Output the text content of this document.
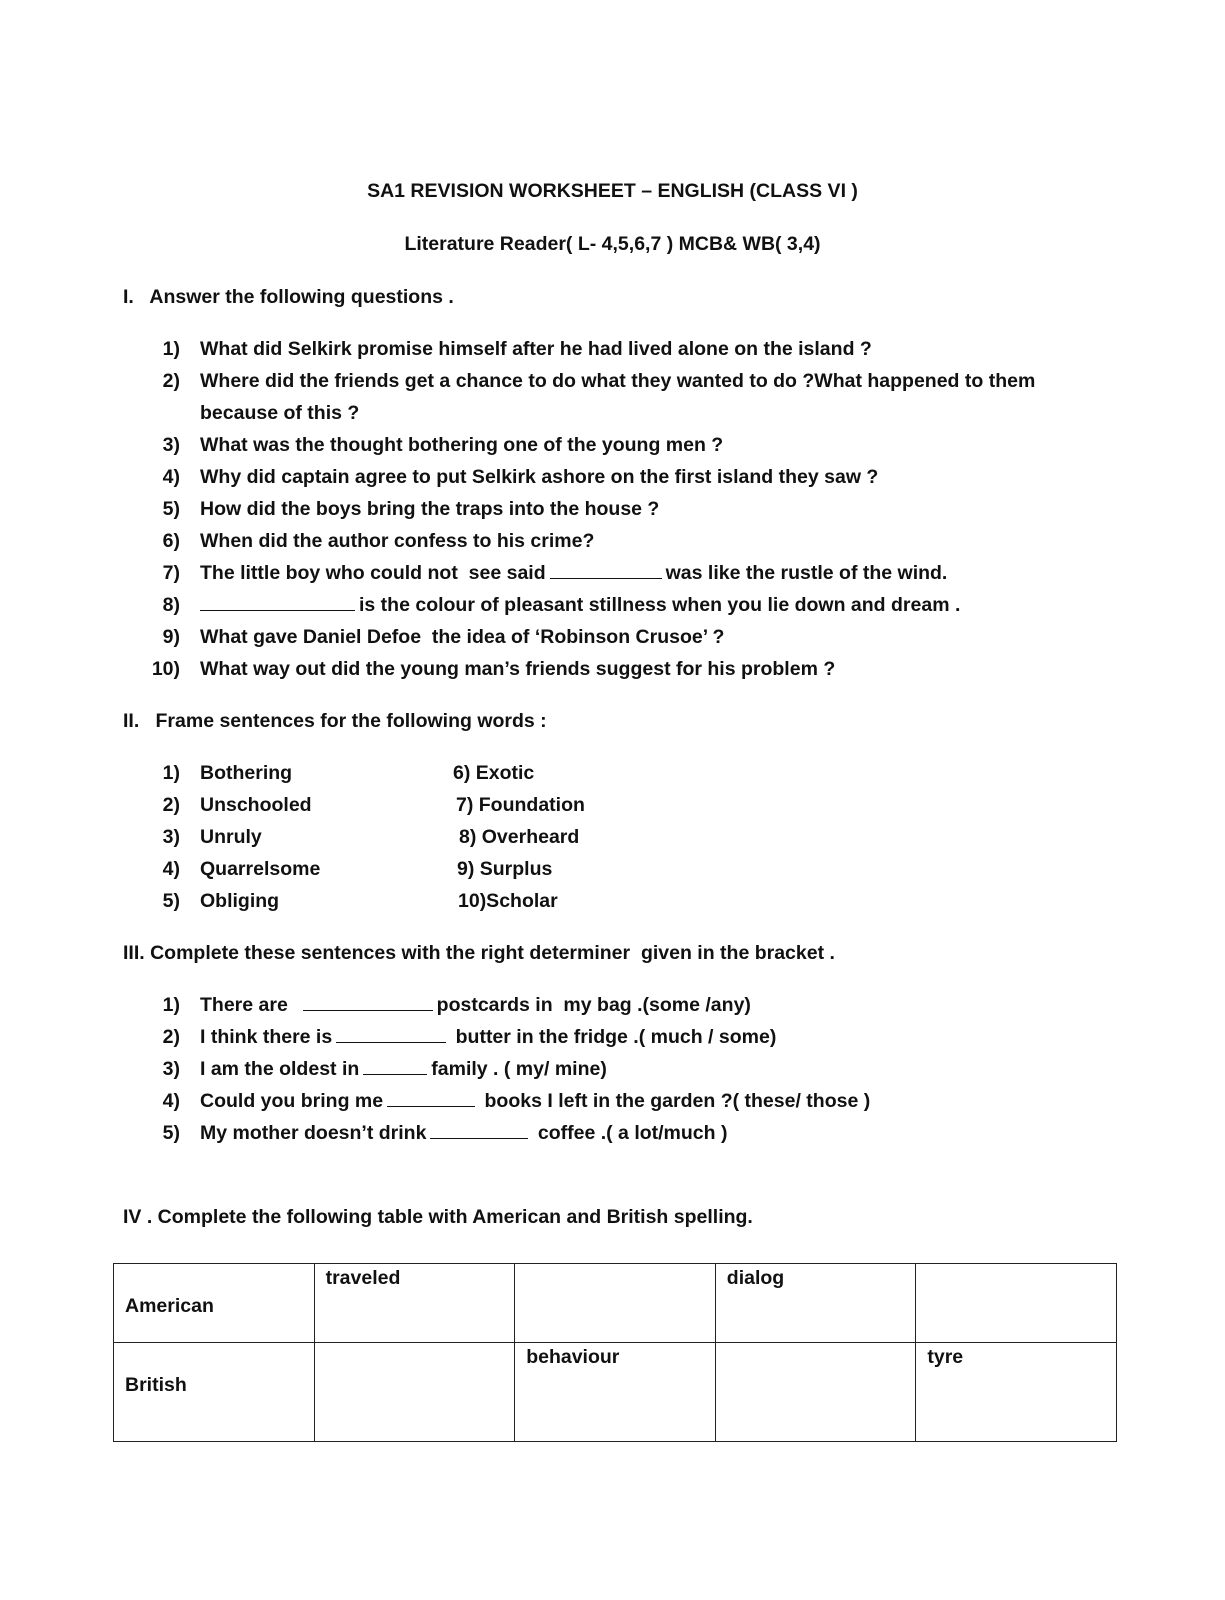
SA1 REVISION WORKSHEET – ENGLISH (CLASS VI )
Literature Reader( L- 4,5,6,7 ) MCB& WB( 3,4)
I.   Answer the following questions .
1) What did Selkirk promise himself after he had lived alone on the island ?
2) Where did the friends get a chance to do what they wanted to do ?What happened to them
because of this ?
3) What was the thought bothering one of the young men ?
4) Why did captain agree to put Selkirk ashore on the first island they saw ?
5) How did the boys bring the traps into the house ?
6) When did the author confess to his crime?
7) The little boy who could not  see said	was like the rustle of the wind.
8)	is the colour of pleasant stillness when you lie down and dream .
9) What gave Daniel Defoe  the idea of ‘Robinson Crusoe’ ?
10) What way out did the young man’s friends suggest for his problem ?
II.   Frame sentences for the following words :
1) Bothering
2) Unschooled
3) Unruly
4) Quarrelsome
5) Obliging
6) Exotic
7) Foundation
8) Overheard
9) Surplus
10)Scholar
III. Complete these sentences with the right determiner  given in the bracket .
1) There are	postcards in  my bag .(some /any)
2) I think there is	butter in the fridge .( much / some)
3) I am the oldest in	family . ( my/ mine)
4) Could you bring me	books I left in the garden ?( these/ those )
5) My mother doesn’t drink	coffee .( a lot/much )
IV . Complete the following table with American and British spelling.
American	traveled		dialog	

British		behaviour		tyre
